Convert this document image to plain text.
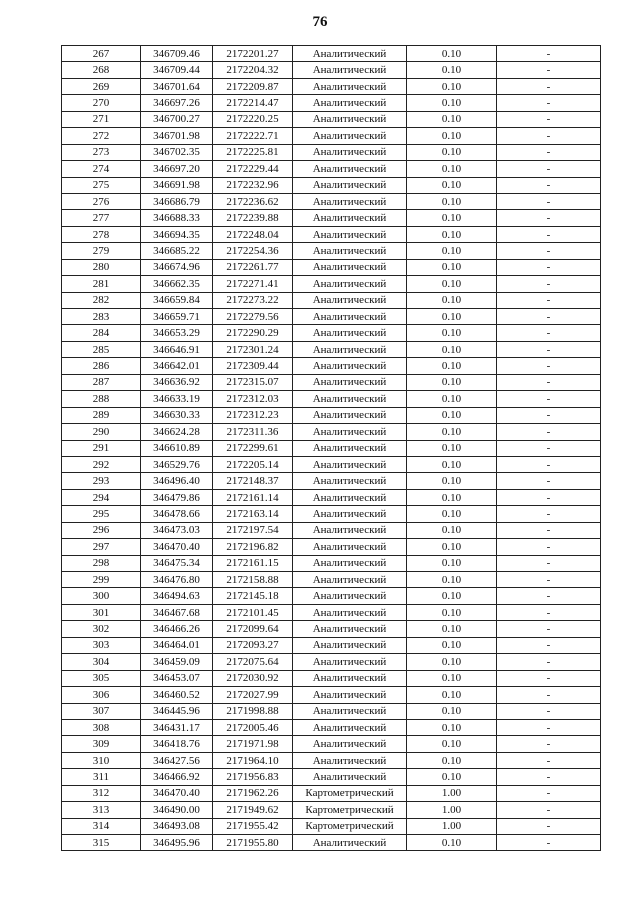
76
267	346709.46	2172201.27	Аналитический	0.10	-
268	346709.44	2172204.32	Аналитический	0.10	-
269	346701.64	2172209.87	Аналитический	0.10	-
270	346697.26	2172214.47	Аналитический	0.10	-
271	346700.27	2172220.25	Аналитический	0.10	-
272	346701.98	2172222.71	Аналитический	0.10	-
273	346702.35	2172225.81	Аналитический	0.10	-
274	346697.20	2172229.44	Аналитический	0.10	-
275	346691.98	2172232.96	Аналитический	0.10	-
276	346686.79	2172236.62	Аналитический	0.10	-
277	346688.33	2172239.88	Аналитический	0.10	-
278	346694.35	2172248.04	Аналитический	0.10	-
279	346685.22	2172254.36	Аналитический	0.10	-
280	346674.96	2172261.77	Аналитический	0.10	-
281	346662.35	2172271.41	Аналитический	0.10	-
282	346659.84	2172273.22	Аналитический	0.10	-
283	346659.71	2172279.56	Аналитический	0.10	-
284	346653.29	2172290.29	Аналитический	0.10	-
285	346646.91	2172301.24	Аналитический	0.10	-
286	346642.01	2172309.44	Аналитический	0.10	-
287	346636.92	2172315.07	Аналитический	0.10	-
288	346633.19	2172312.03	Аналитический	0.10	-
289	346630.33	2172312.23	Аналитический	0.10	-
290	346624.28	2172311.36	Аналитический	0.10	-
291	346610.89	2172299.61	Аналитический	0.10	-
292	346529.76	2172205.14	Аналитический	0.10	-
293	346496.40	2172148.37	Аналитический	0.10	-
294	346479.86	2172161.14	Аналитический	0.10	-
295	346478.66	2172163.14	Аналитический	0.10	-
296	346473.03	2172197.54	Аналитический	0.10	-
297	346470.40	2172196.82	Аналитический	0.10	-
298	346475.34	2172161.15	Аналитический	0.10	-
299	346476.80	2172158.88	Аналитический	0.10	-
300	346494.63	2172145.18	Аналитический	0.10	-
301	346467.68	2172101.45	Аналитический	0.10	-
302	346466.26	2172099.64	Аналитический	0.10	-
303	346464.01	2172093.27	Аналитический	0.10	-
304	346459.09	2172075.64	Аналитический	0.10	-
305	346453.07	2172030.92	Аналитический	0.10	-
306	346460.52	2172027.99	Аналитический	0.10	-
307	346445.96	2171998.88	Аналитический	0.10	-
308	346431.17	2172005.46	Аналитический	0.10	-
309	346418.76	2171971.98	Аналитический	0.10	-
310	346427.56	2171964.10	Аналитический	0.10	-
311	346466.92	2171956.83	Аналитический	0.10	-
312	346470.40	2171962.26	Картометрический	1.00	-
313	346490.00	2171949.62	Картометрический	1.00	-
314	346493.08	2171955.42	Картометрический	1.00	-
315	346495.96	2171955.80	Аналитический	0.10	-
